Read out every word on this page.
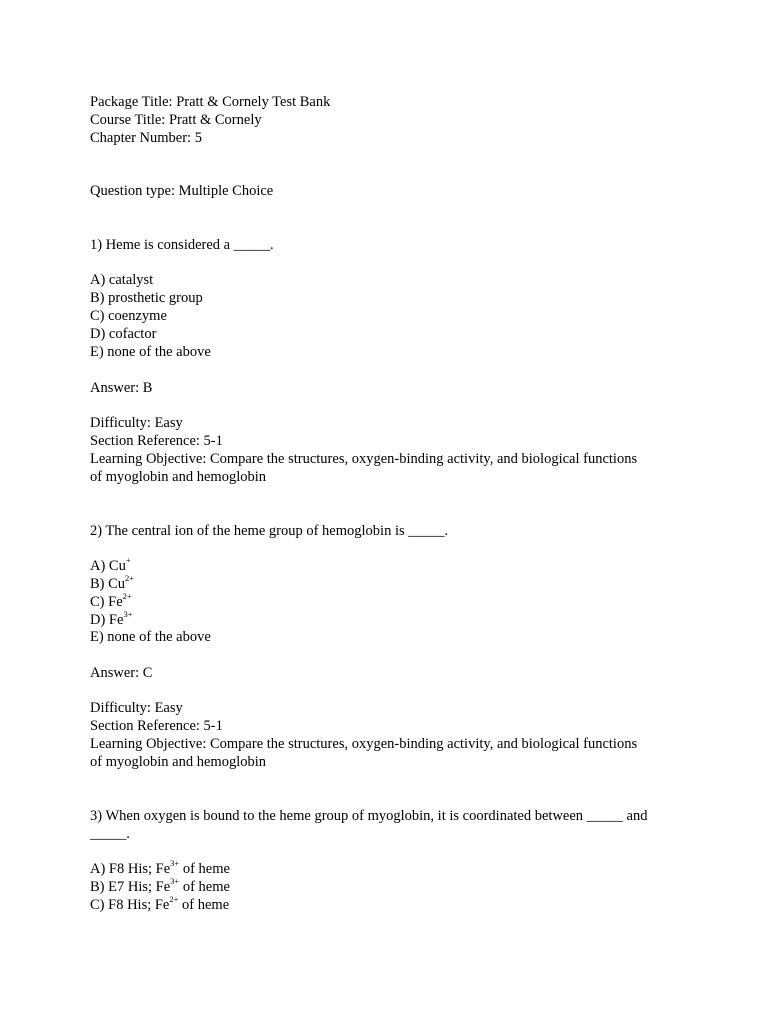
Package Title: Pratt & Cornely Test Bank
Course Title: Pratt & Cornely
Chapter Number: 5
Question type: Multiple Choice
1) Heme is considered a _____.
A) catalyst
B) prosthetic group
C) coenzyme
D) cofactor
E) none of the above
Answer: B
Difficulty: Easy
Section Reference: 5-1
Learning Objective: Compare the structures, oxygen-binding activity, and biological functions
of myoglobin and hemoglobin
2) The central ion of the heme group of hemoglobin is _____.
A) Cu+
B) $Cu^{2+}$
C) $Fe^{2+}$
D) $Fe^{3+}$
E) none of the above
Answer: C
Difficulty: Easy
Section Reference: 5-1
Learning Objective: Compare the structures, oxygen-binding activity, and biological functions
of myoglobin and hemoglobin
3) When oxygen is bound to the heme group of myoglobin, it is coordinated between _____ and
_____.
A) F8 His; $Fe^{3+}$ of heme
B) E7 His; $Fe^{3+}$ of heme
C) F8 His; $Fe^{2+}$ of heme
